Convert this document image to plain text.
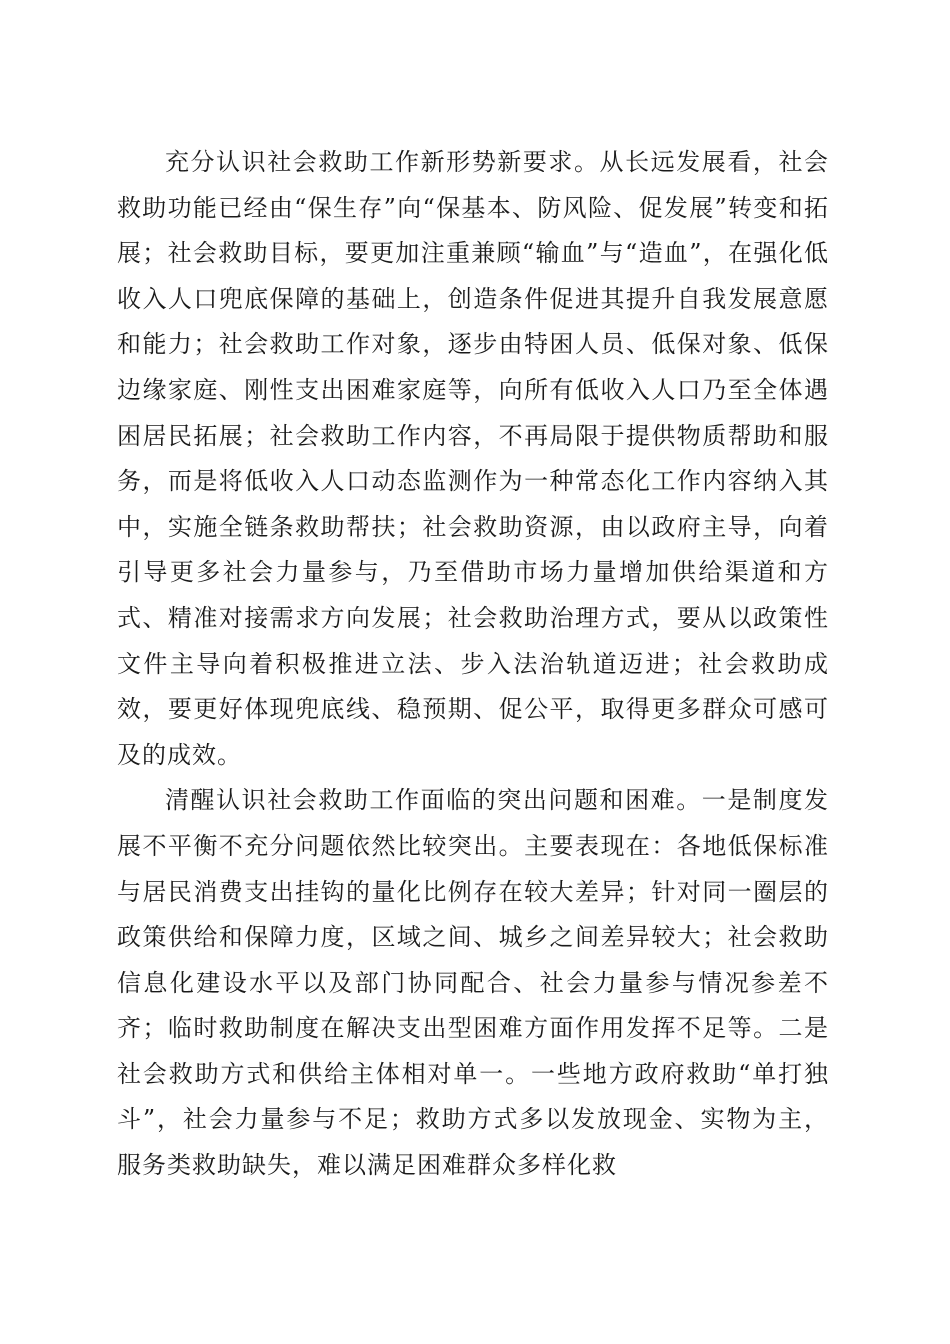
充分认识社会救助工作新形势新要求。从长远发展看，社会救助功能已经由“保生存”向“保基本、防风险、促发展”转变和拓展；社会救助目标，要更加注重兼顾“输血”与“造血”，在强化低收入人口兜底保障的基础上，创造条件促进其提升自我发展意愿和能力；社会救助工作对象，逐步由特困人员、低保对象、低保边缘家庭、刚性支出困难家庭等，向所有低收入人口乃至全体遇困居民拓展；社会救助工作内容，不再局限于提供物质帮助和服务，而是将低收入人口动态监测作为一种常态化工作内容纳入其中，实施全链条救助帮扶；社会救助资源，由以政府主导，向着引导更多社会力量参与，乃至借助市场力量增加供给渠道和方式、精准对接需求方向发展；社会救助治理方式，要从以政策性文件主导向着积极推进立法、步入法治轨道迈进；社会救助成效，要更好体现兜底线、稳预期、促公平，取得更多群众可感可及的成效。

清醒认识社会救助工作面临的突出问题和困难。一是制度发展不平衡不充分问题依然比较突出。主要表现在：各地低保标准与居民消费支出挂钩的量化比例存在较大差异；针对同一圈层的政策供给和保障力度，区域之间、城乡之间差异较大；社会救助信息化建设水平以及部门协同配合、社会力量参与情况参差不齐；临时救助制度在解决支出型困难方面作用发挥不足等。二是社会救助方式和供给主体相对单一。一些地方政府救助“单打独斗”，社会力量参与不足；救助方式多以发放现金、实物为主，服务类救助缺失，难以满足困难群众多样化救
